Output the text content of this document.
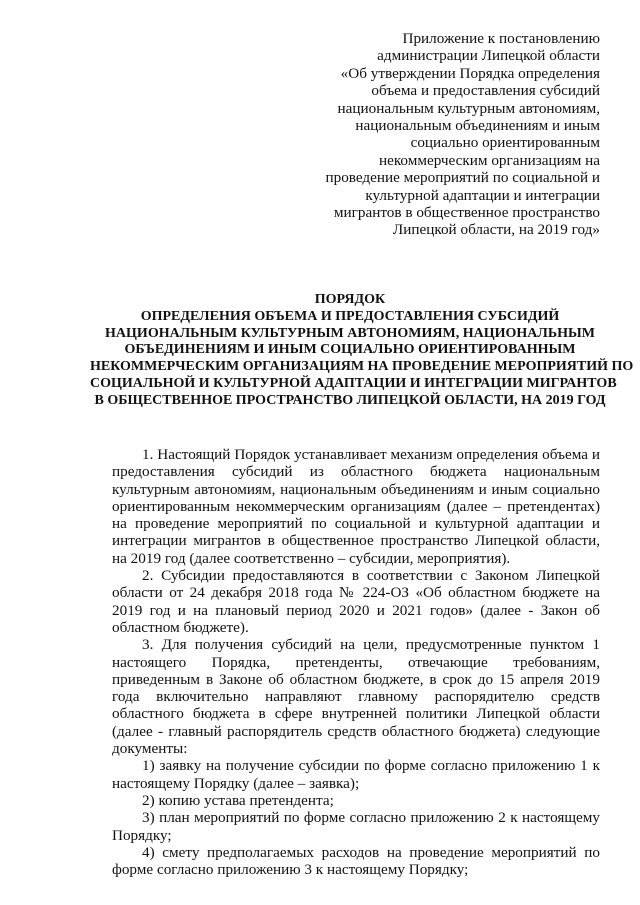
Приложение к постановлению
администрации Липецкой области
«Об утверждении Порядка определения
объема и предоставления субсидий
национальным культурным автономиям,
национальным объединениям и иным
социально ориентированным
некоммерческим организациям на
проведение мероприятий по социальной и
культурной адаптации и интеграции
мигрантов в общественное пространство
Липецкой области, на 2019 год»
ПОРЯДОК
ОПРЕДЕЛЕНИЯ ОБЪЕМА И ПРЕДОСТАВЛЕНИЯ СУБСИДИЙ
НАЦИОНАЛЬНЫМ КУЛЬТУРНЫМ АВТОНОМИЯМ, НАЦИОНАЛЬНЫМ
ОБЪЕДИНЕНИЯМ И ИНЫМ СОЦИАЛЬНО ОРИЕНТИРОВАННЫМ
НЕКОММЕРЧЕСКИМ ОРГАНИЗАЦИЯМ НА ПРОВЕДЕНИЕ МЕРОПРИЯТИЙ ПО
СОЦИАЛЬНОЙ И КУЛЬТУРНОЙ АДАПТАЦИИ И ИНТЕГРАЦИИ МИГРАНТОВ
В ОБЩЕСТВЕННОЕ ПРОСТРАНСТВО ЛИПЕЦКОЙ ОБЛАСТИ, НА 2019 ГОД

1. Настоящий Порядок устанавливает механизм определения объема и предоставления субсидий из областного бюджета национальным культурным автономиям, национальным объединениям и иным социально ориентированным некоммерческим организациям (далее – претендентах) на проведение мероприятий по социальной и культурной адаптации и интеграции мигрантов в общественное пространство Липецкой области, на 2019 год (далее соответственно – субсидии, мероприятия).

2. Субсидии предоставляются в соответствии с Законом Липецкой области от 24 декабря 2018 года № 224-ОЗ «Об областном бюджете на 2019 год и на плановый период 2020 и 2021 годов» (далее - Закон об областном бюджете).

3. Для получения субсидий на цели, предусмотренные пунктом 1 настоящего Порядка, претенденты, отвечающие требованиям, приведенным в Законе об областном бюджете, в срок до 15 апреля 2019 года включительно направляют главному распорядителю средств областного бюджета в сфере внутренней политики Липецкой области (далее - главный распорядитель средств областного бюджета) следующие документы:

1) заявку на получение субсидии по форме согласно приложению 1 к настоящему Порядку (далее – заявка);

2) копию устава претендента;

3) план мероприятий по форме согласно приложению 2 к настоящему Порядку;

4) смету предполагаемых расходов на проведение мероприятий по форме согласно приложению 3 к настоящему Порядку;
